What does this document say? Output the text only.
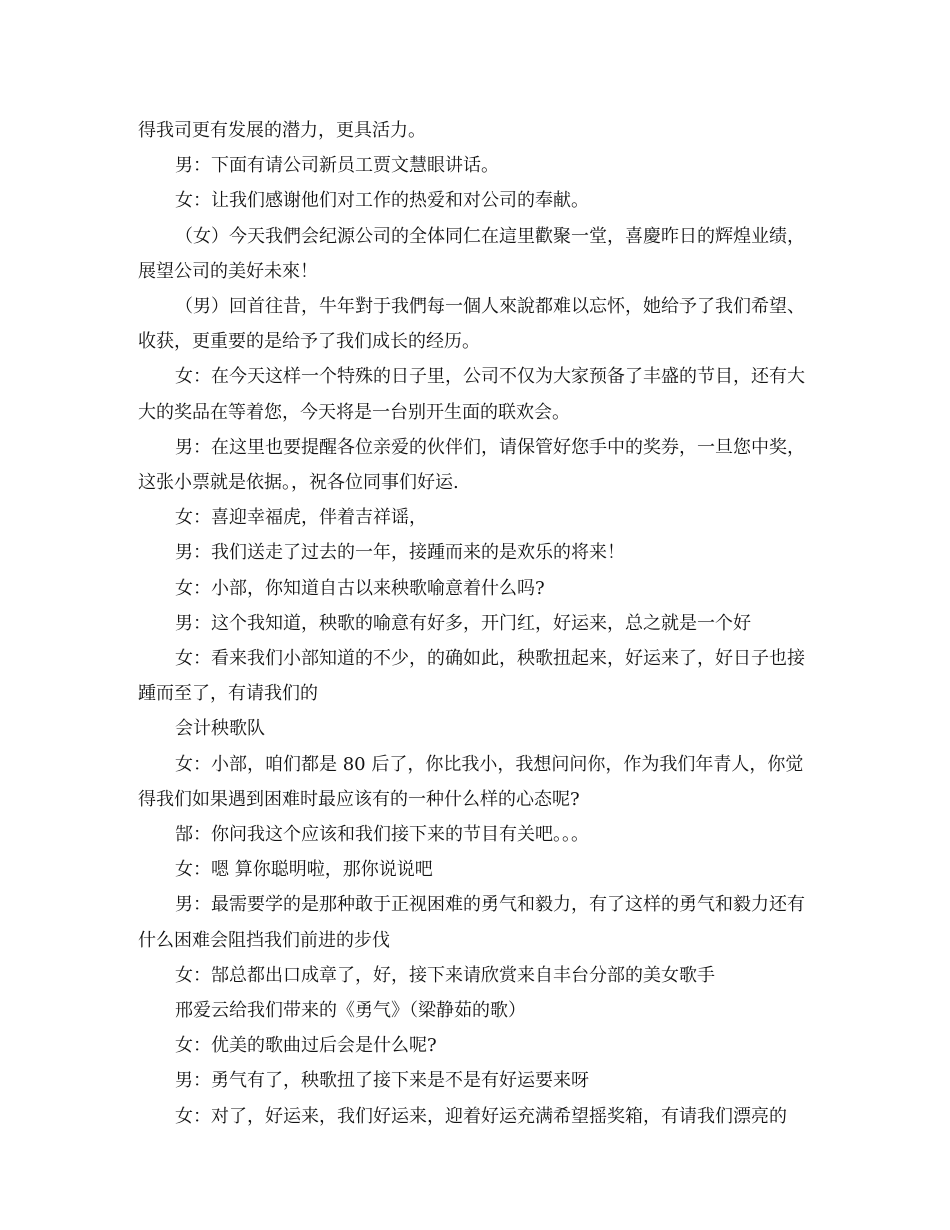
得我司更有发展的潜力，更具活力。

男：下面有请公司新员工贾文慧眼讲话。

女：让我们感谢他们对工作的热爱和对公司的奉献。

（女）今天我們会纪源公司的全体同仁在這里歡聚一堂，喜慶昨日的辉煌业绩，展望公司的美好未來！

（男）回首往昔，牛年對于我們每一個人來說都难以忘怀，她给予了我们希望、收获，更重要的是给予了我们成长的经历。

女：在今天这样一个特殊的日子里，公司不仅为大家预备了丰盛的节目，还有大大的奖品在等着您，今天将是一台别开生面的联欢会。

男：在这里也要提醒各位亲爱的伙伴们，请保管好您手中的奖券，一旦您中奖，这张小票就是依据。，祝各位同事们好运.

女：喜迎幸福虎，伴着吉祥谣，

男：我们送走了过去的一年，接踵而来的是欢乐的将来！

女：小部，你知道自古以来秧歌喻意着什么吗?

男：这个我知道，秧歌的喻意有好多，开门红，好运来，总之就是一个好

女：看来我们小部知道的不少，的确如此，秧歌扭起来，好运来了，好日子也接踵而至了，有请我们的

会计秧歌队

女：小部，咱们都是 80 后了，你比我小，我想问问你，作为我们年青人，你觉得我们如果遇到困难时最应该有的一种什么样的心态呢?

郜：你问我这个应该和我们接下来的节目有关吧。。。

女：嗯 算你聪明啦，那你说说吧

男：最需要学的是那种敢于正视困难的勇气和毅力，有了这样的勇气和毅力还有什么困难会阻挡我们前进的步伐

女：郜总都出口成章了，好，接下来请欣赏来自丰台分部的美女歌手

邢爱云给我们带来的《勇气》（梁静茹的歌）

女：优美的歌曲过后会是什么呢?

男：勇气有了，秧歌扭了接下来是不是有好运要来呀

女：对了，好运来，我们好运来，迎着好运充满希望摇奖箱，有请我们漂亮的
